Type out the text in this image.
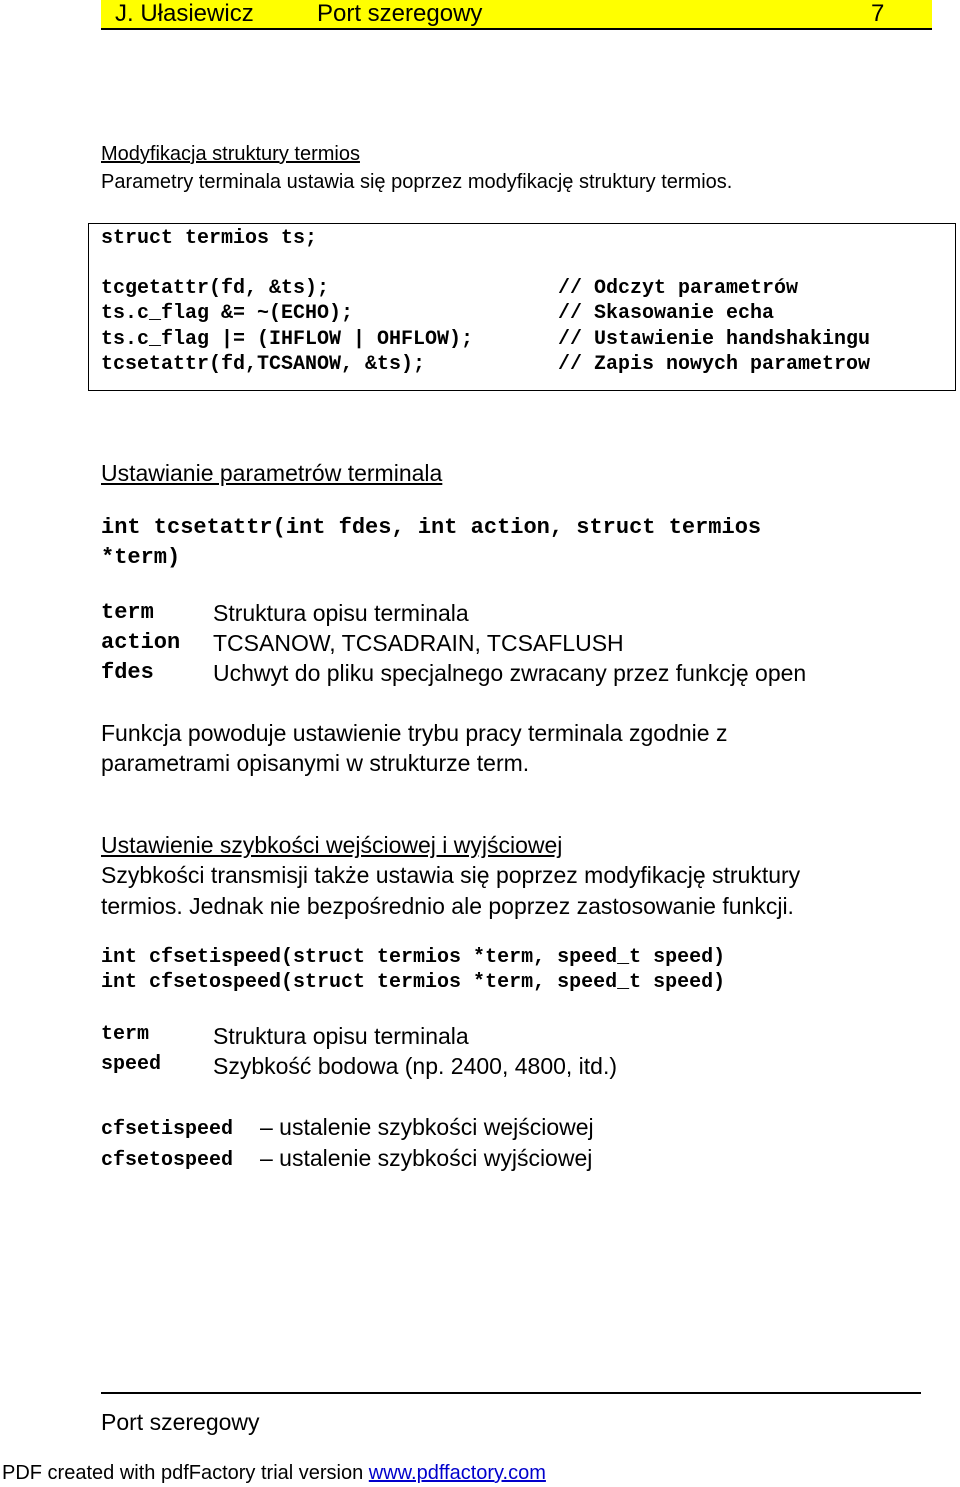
J. Ułasiewicz	Port szeregowy	7
Modyfikacja struktury termios
Parametry terminala ustawia się poprzez modyfikację struktury termios.
struct termios ts;
tcgetattr(fd, &ts);	// Odczyt parametrów
ts.c_flag &= ~(ECHO);	// Skasowanie echa
ts.c_flag |= (IHFLOW | OHFLOW);	// Ustawienie handshakingu
tcsetattr(fd,TCSANOW, &ts);	// Zapis nowych parametrow
Ustawianie parametrów terminala
int tcsetattr(int fdes, int action, struct termios
*term)
term	Struktura opisu terminala
action TCSANOW, TCSADRAIN, TCSAFLUSH
fdes	Uchwyt do pliku specjalnego zwracany przez funkcję open
Funkcja powoduje ustawienie trybu pracy terminala zgodnie z
parametrami opisanymi w strukturze term.
Ustawienie szybkości wejściowej i wyjściowej
Szybkości transmisji także ustawia się poprzez modyfikację struktury
termios. Jednak nie bezpośrednio ale poprzez zastosowanie funkcji.
int cfsetispeed(struct termios *term, speed_t speed)
int cfsetospeed(struct termios *term, speed_t speed)
term	Struktura opisu terminala
speed Szybkość bodowa (np. 2400, 4800, itd.)
cfsetispeed – ustalenie szybkości wejściowej
cfsetospeed – ustalenie szybkości wyjściowej
Port szeregowy
PDF created with pdfFactory trial version www.pdffactory.com
